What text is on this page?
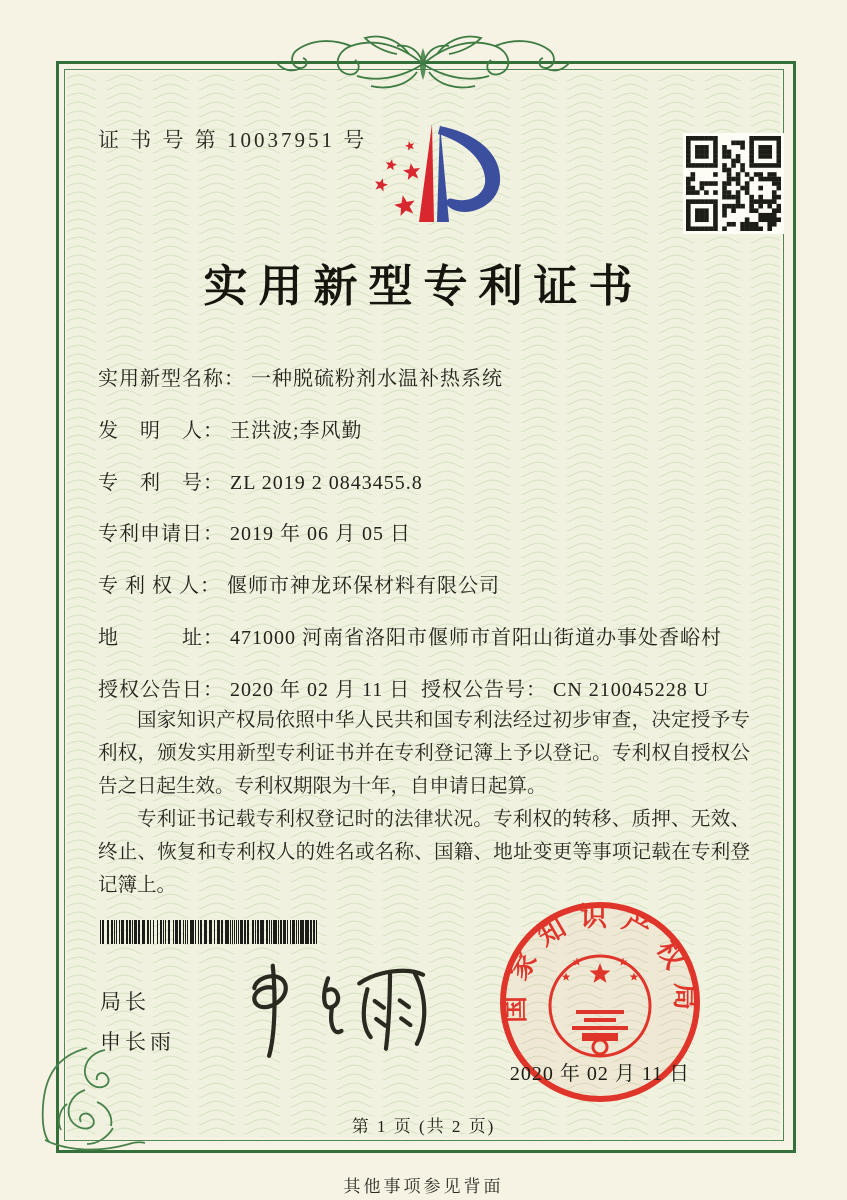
证 书 号 第 10037951 号
实用新型专利证书
实用新型名称： 一种脱硫粉剂水温补热系统
发　明　人： 王洪波;李风勤
专　利　号： ZL 2019 2 0843455.8
专利申请日： 2019 年 06 月 05 日
专 利 权 人： 偃师市神龙环保材料有限公司
地　　　址： 471000 河南省洛阳市偃师市首阳山街道办事处香峪村
授权公告日： 2020 年 02 月 11 日 授权公告号： CN 210045228 U

国家知识产权局依照中华人民共和国专利法经过初步审查，决定授予专利权，颁发实用新型专利证书并在专利登记簿上予以登记。专利权自授权公告之日起生效。专利权期限为十年，自申请日起算。

专利证书记载专利权登记时的法律状况。专利权的转移、质押、无效、终止、恢复和专利权人的姓名或名称、国籍、地址变更等事项记载在专利登记簿上。

局长
申长雨
国家知识产权局
2020 年 02 月 11 日
第 1 页 (共 2 页)
其他事项参见背面
